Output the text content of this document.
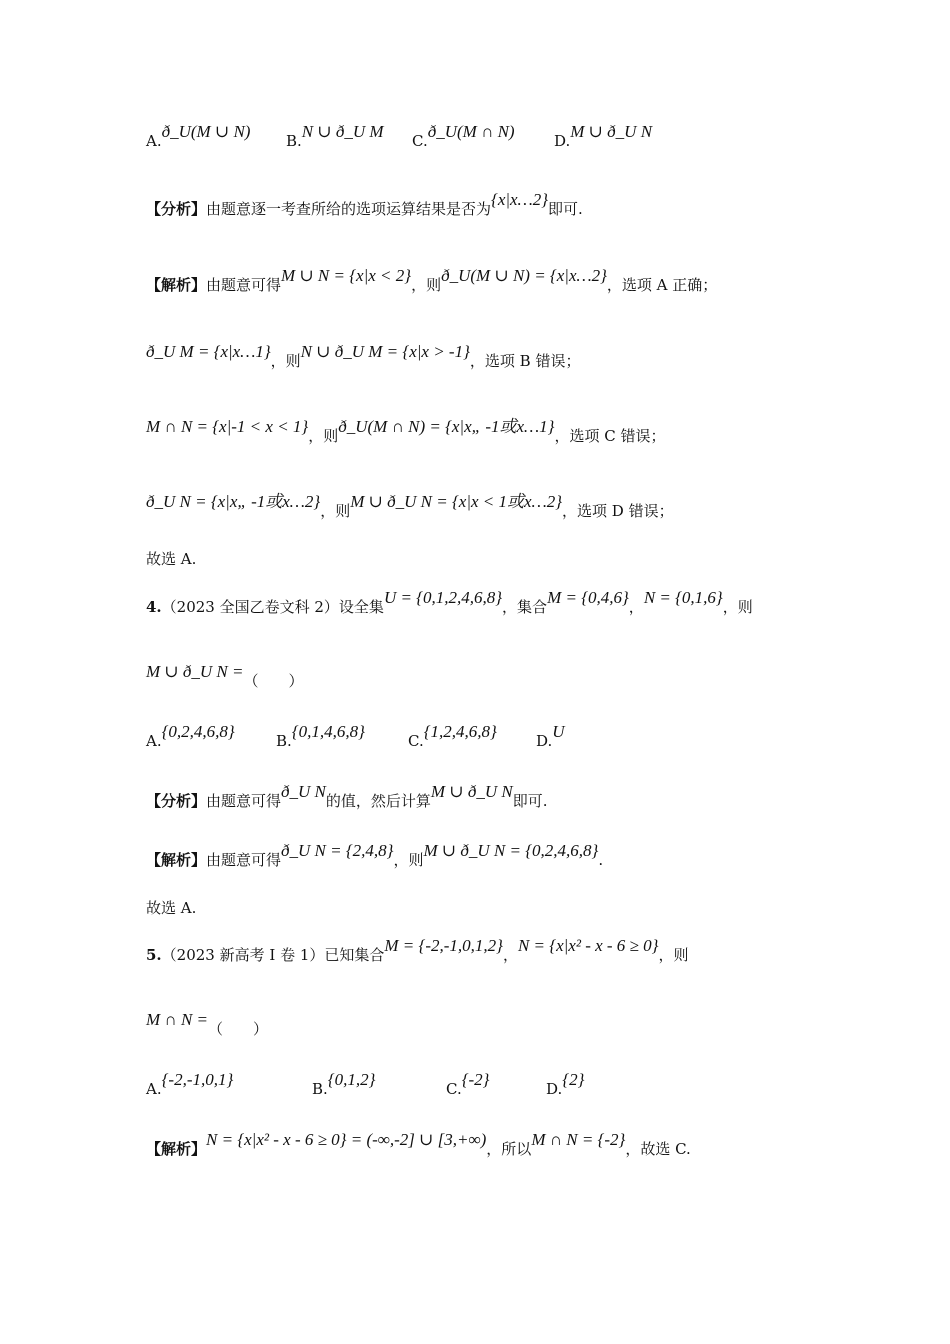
A.ð_U(M ∪ N) B.N ∪ ð_U M C.ð_U(M ∩ N)	D.M ∪ ð_U N
【分析】由题意逐一考查所给的选项运算结果是否为{x|x…2}即可.
【解析】由题意可得M ∪ N = {x|x < 2}，则ð_U(M ∪ N) = {x|x…2}，选项 A 正确；
ð_U M = {x|x…1}，则N ∪ ð_U M = {x|x > -1}，选项 B 错误；
M ∩ N = {x|-1 < x < 1}，则ð_U(M ∩ N) = {x|x„ -1或x…1}，选项 C 错误；
ð_U N = {x|x„ -1或x…2}，则M ∪ ð_U N = {x|x < 1或x…2}，选项 D 错误；
故选 A.
4.（2023 全国乙卷文科 2）设全集U = {0,1,2,4,6,8}，集合M = {0,4,6}，N = {0,1,6}，则
M ∪ ð_U N =（　　）
A.{0,2,4,6,8}	B.{0,1,4,6,8}	C.{1,2,4,6,8}	D.U
【分析】由题意可得ð_U N的值，然后计算M ∪ ð_U N即可.
【解析】由题意可得ð_U N = {2,4,8}，则M ∪ ð_U N = {0,2,4,6,8}.
故选 A.
5.（2023 新高考 I 卷 1）已知集合M = {-2,-1,0,1,2}，N = {x|x² - x - 6 ≥ 0}，则
M ∩ N =（　　）
A.{-2,-1,0,1}	B.{0,1,2}	C.{-2}	D.{2}
【解析】N = {x|x² - x - 6 ≥ 0} = (-∞,-2] ∪ [3,+∞)，所以M ∩ N = {-2}，故选 C.
